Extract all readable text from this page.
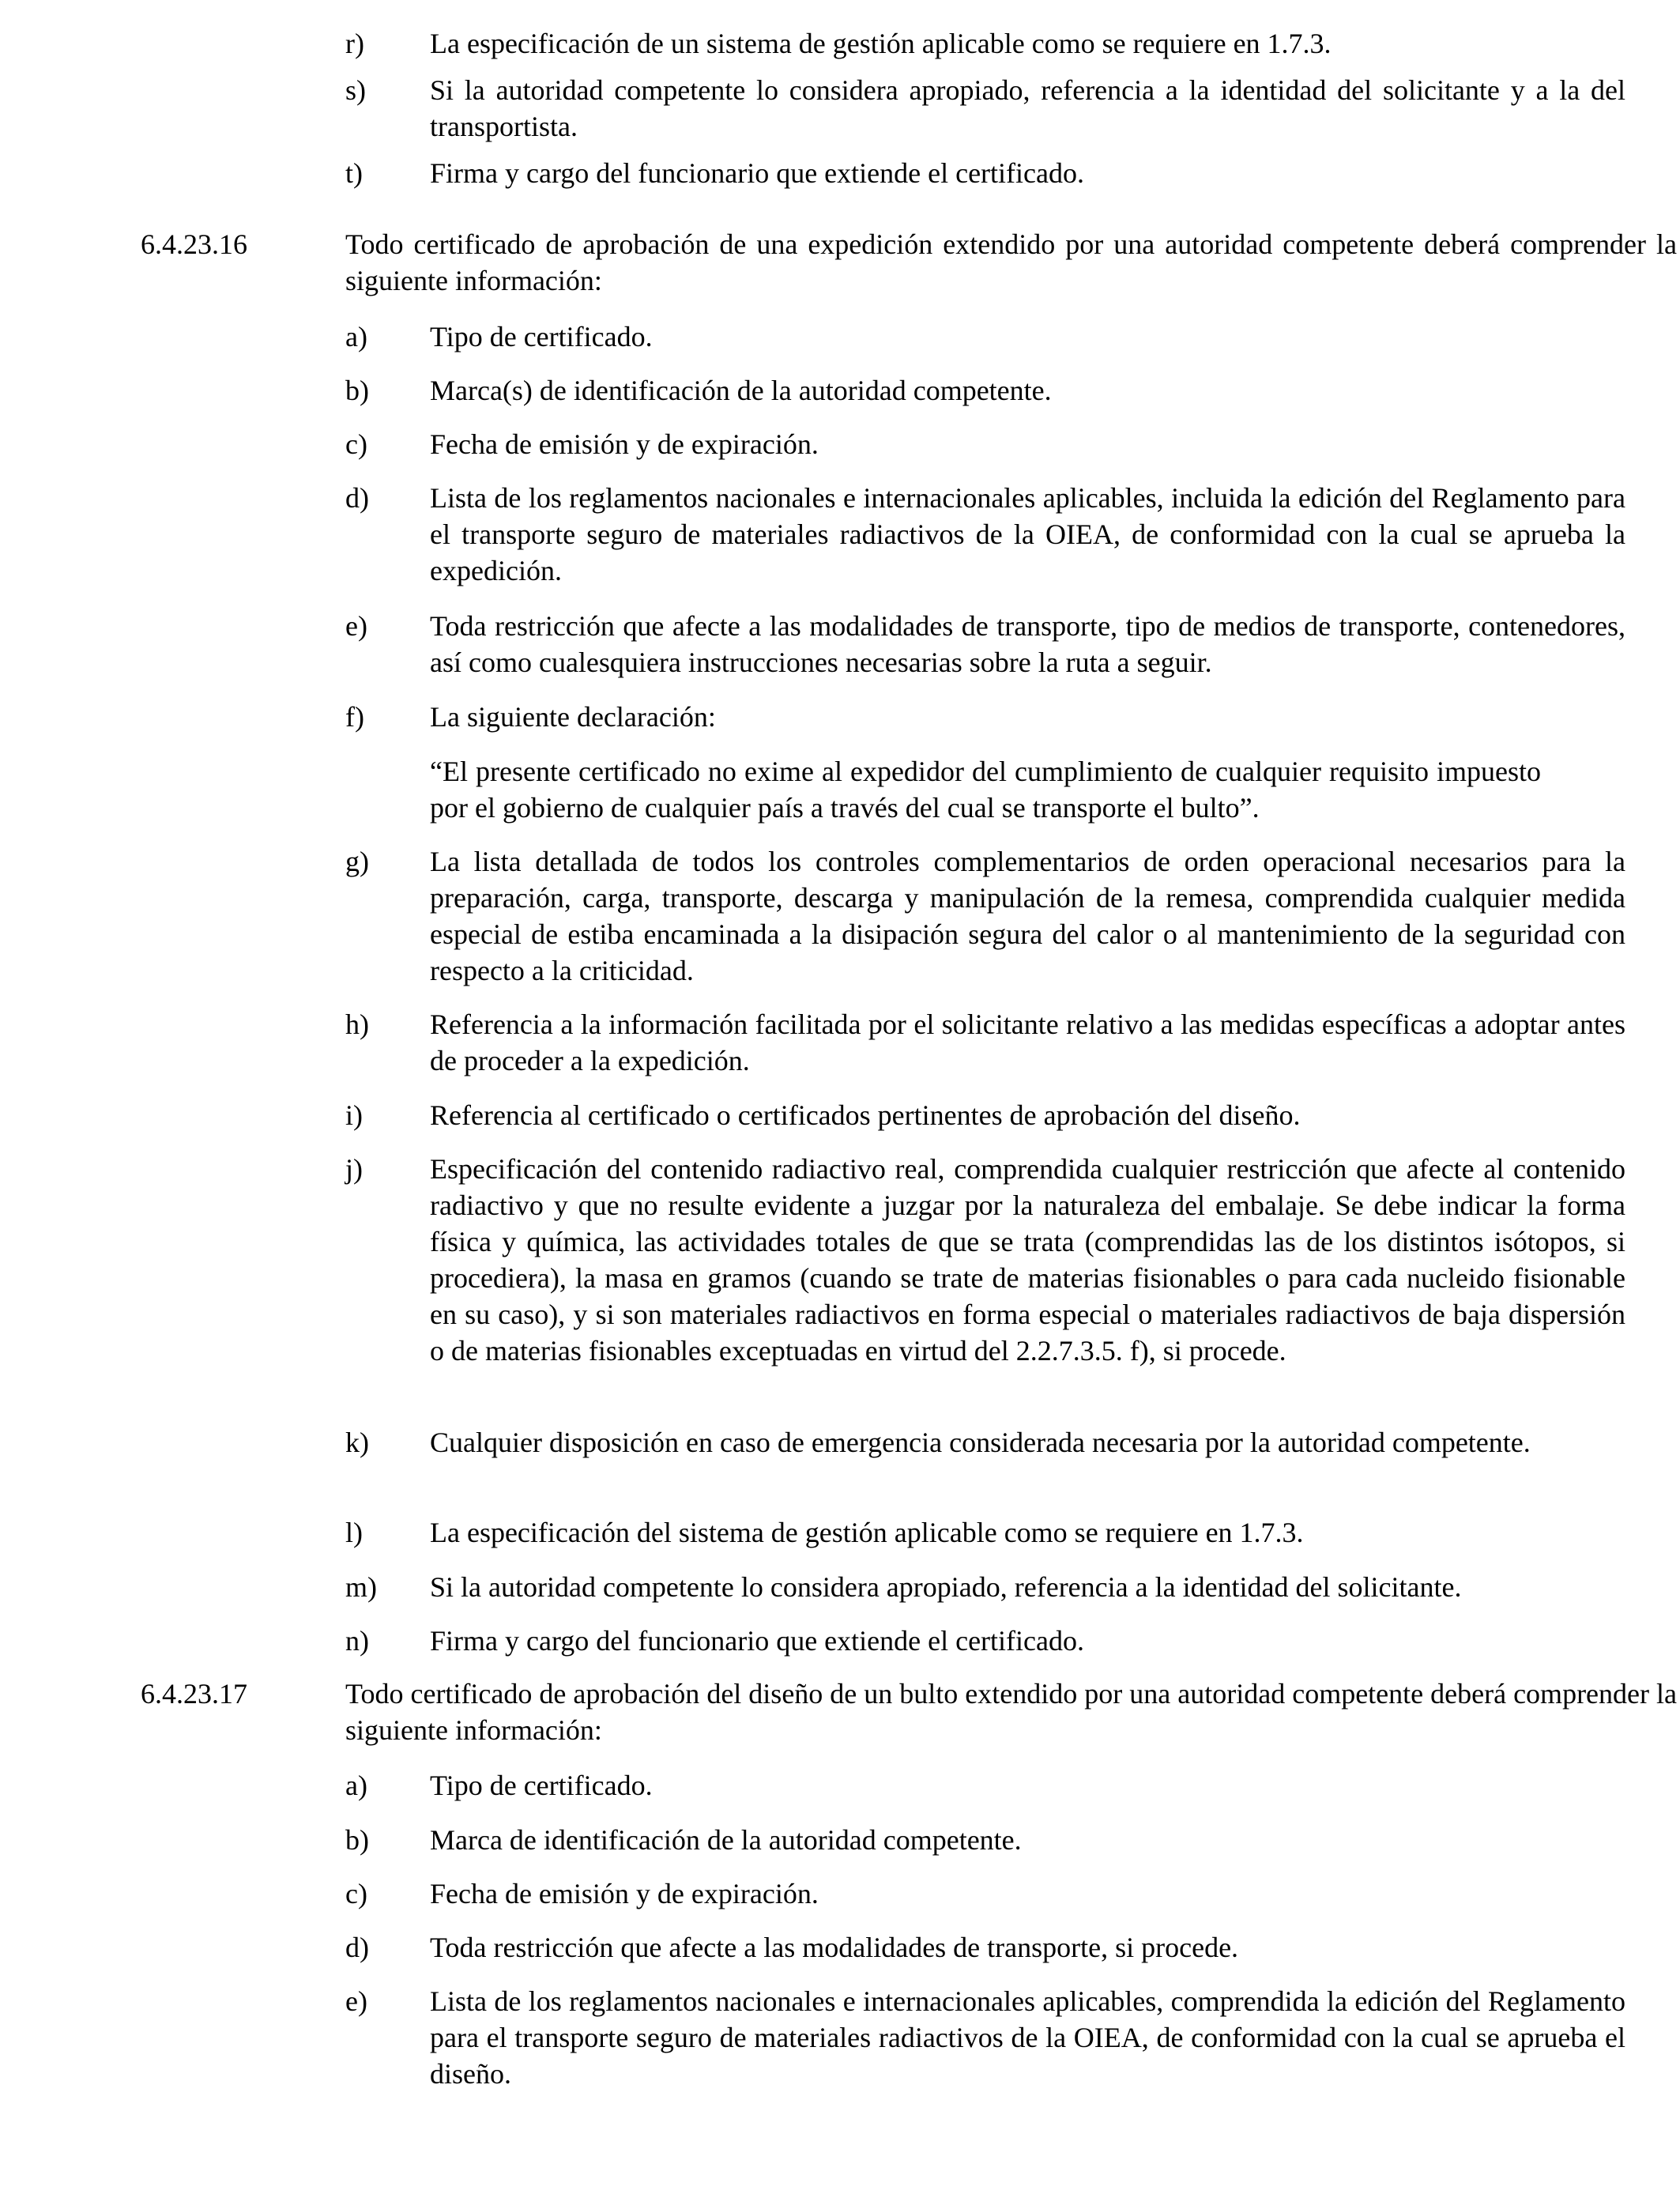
r) La especificación de un sistema de gestión aplicable como se requiere en 1.7.3.
s) Si la autoridad competente lo considera apropiado, referencia a la identidad del solicitante y a la del transportista.
t) Firma y cargo del funcionario que extiende el certificado.
6.4.23.16	Todo certificado de aprobación de una expedición extendido por una autoridad competente deberá comprender la siguiente información:
a) Tipo de certificado.
b) Marca(s) de identificación de la autoridad competente.
c) Fecha de emisión y de expiración.
d) Lista de los reglamentos nacionales e internacionales aplicables, incluida la edición del Reglamento para el transporte seguro de materiales radiactivos de la OIEA, de conformidad con la cual se aprueba la expedición.
e) Toda restricción que afecte a las modalidades de transporte, tipo de medios de transporte, contenedores, así como cualesquiera instrucciones necesarias sobre la ruta a seguir.
f) La siguiente declaración:
“El presente certificado no exime al expedidor del cumplimiento de cualquier requisito impuesto por el gobierno de cualquier país a través del cual se transporte el bulto”.
g) La lista detallada de todos los controles complementarios de orden operacional necesarios para la preparación, carga, transporte, descarga y manipulación de la remesa, comprendida cualquier medida especial de estiba encaminada a la disipación segura del calor o al mantenimiento de la seguridad con respecto a la criticidad.
h) Referencia a la información facilitada por el solicitante relativo a las medidas específicas a adoptar antes de proceder a la expedición.
i) Referencia al certificado o certificados pertinentes de aprobación del diseño.
j) Especificación del contenido radiactivo real, comprendida cualquier restricción que afecte al contenido radiactivo y que no resulte evidente a juzgar por la naturaleza del embalaje. Se debe indicar la forma física y química, las actividades totales de que se trata (comprendidas las de los distintos isótopos, si procediera), la masa en gramos (cuando se trate de materias fisionables o para cada nucleido fisionable en su caso), y si son materiales radiactivos en forma especial o materiales radiactivos de baja dispersión o de materias fisionables exceptuadas en virtud del 2.2.7.3.5. f), si procede.
k) Cualquier disposición en caso de emergencia considerada necesaria por la autoridad competente.
l) La especificación del sistema de gestión aplicable como se requiere en 1.7.3.
m) Si la autoridad competente lo considera apropiado, referencia a la identidad del solicitante.
n) Firma y cargo del funcionario que extiende el certificado.
6.4.23.17	Todo certificado de aprobación del diseño de un bulto extendido por una autoridad competente deberá comprender la siguiente información:
a) Tipo de certificado.
b) Marca de identificación de la autoridad competente.
c) Fecha de emisión y de expiración.
d) Toda restricción que afecte a las modalidades de transporte, si procede.
e) Lista de los reglamentos nacionales e internacionales aplicables, comprendida la edición del Reglamento para el transporte seguro de materiales radiactivos de la OIEA, de conformidad con la cual se aprueba el diseño.
